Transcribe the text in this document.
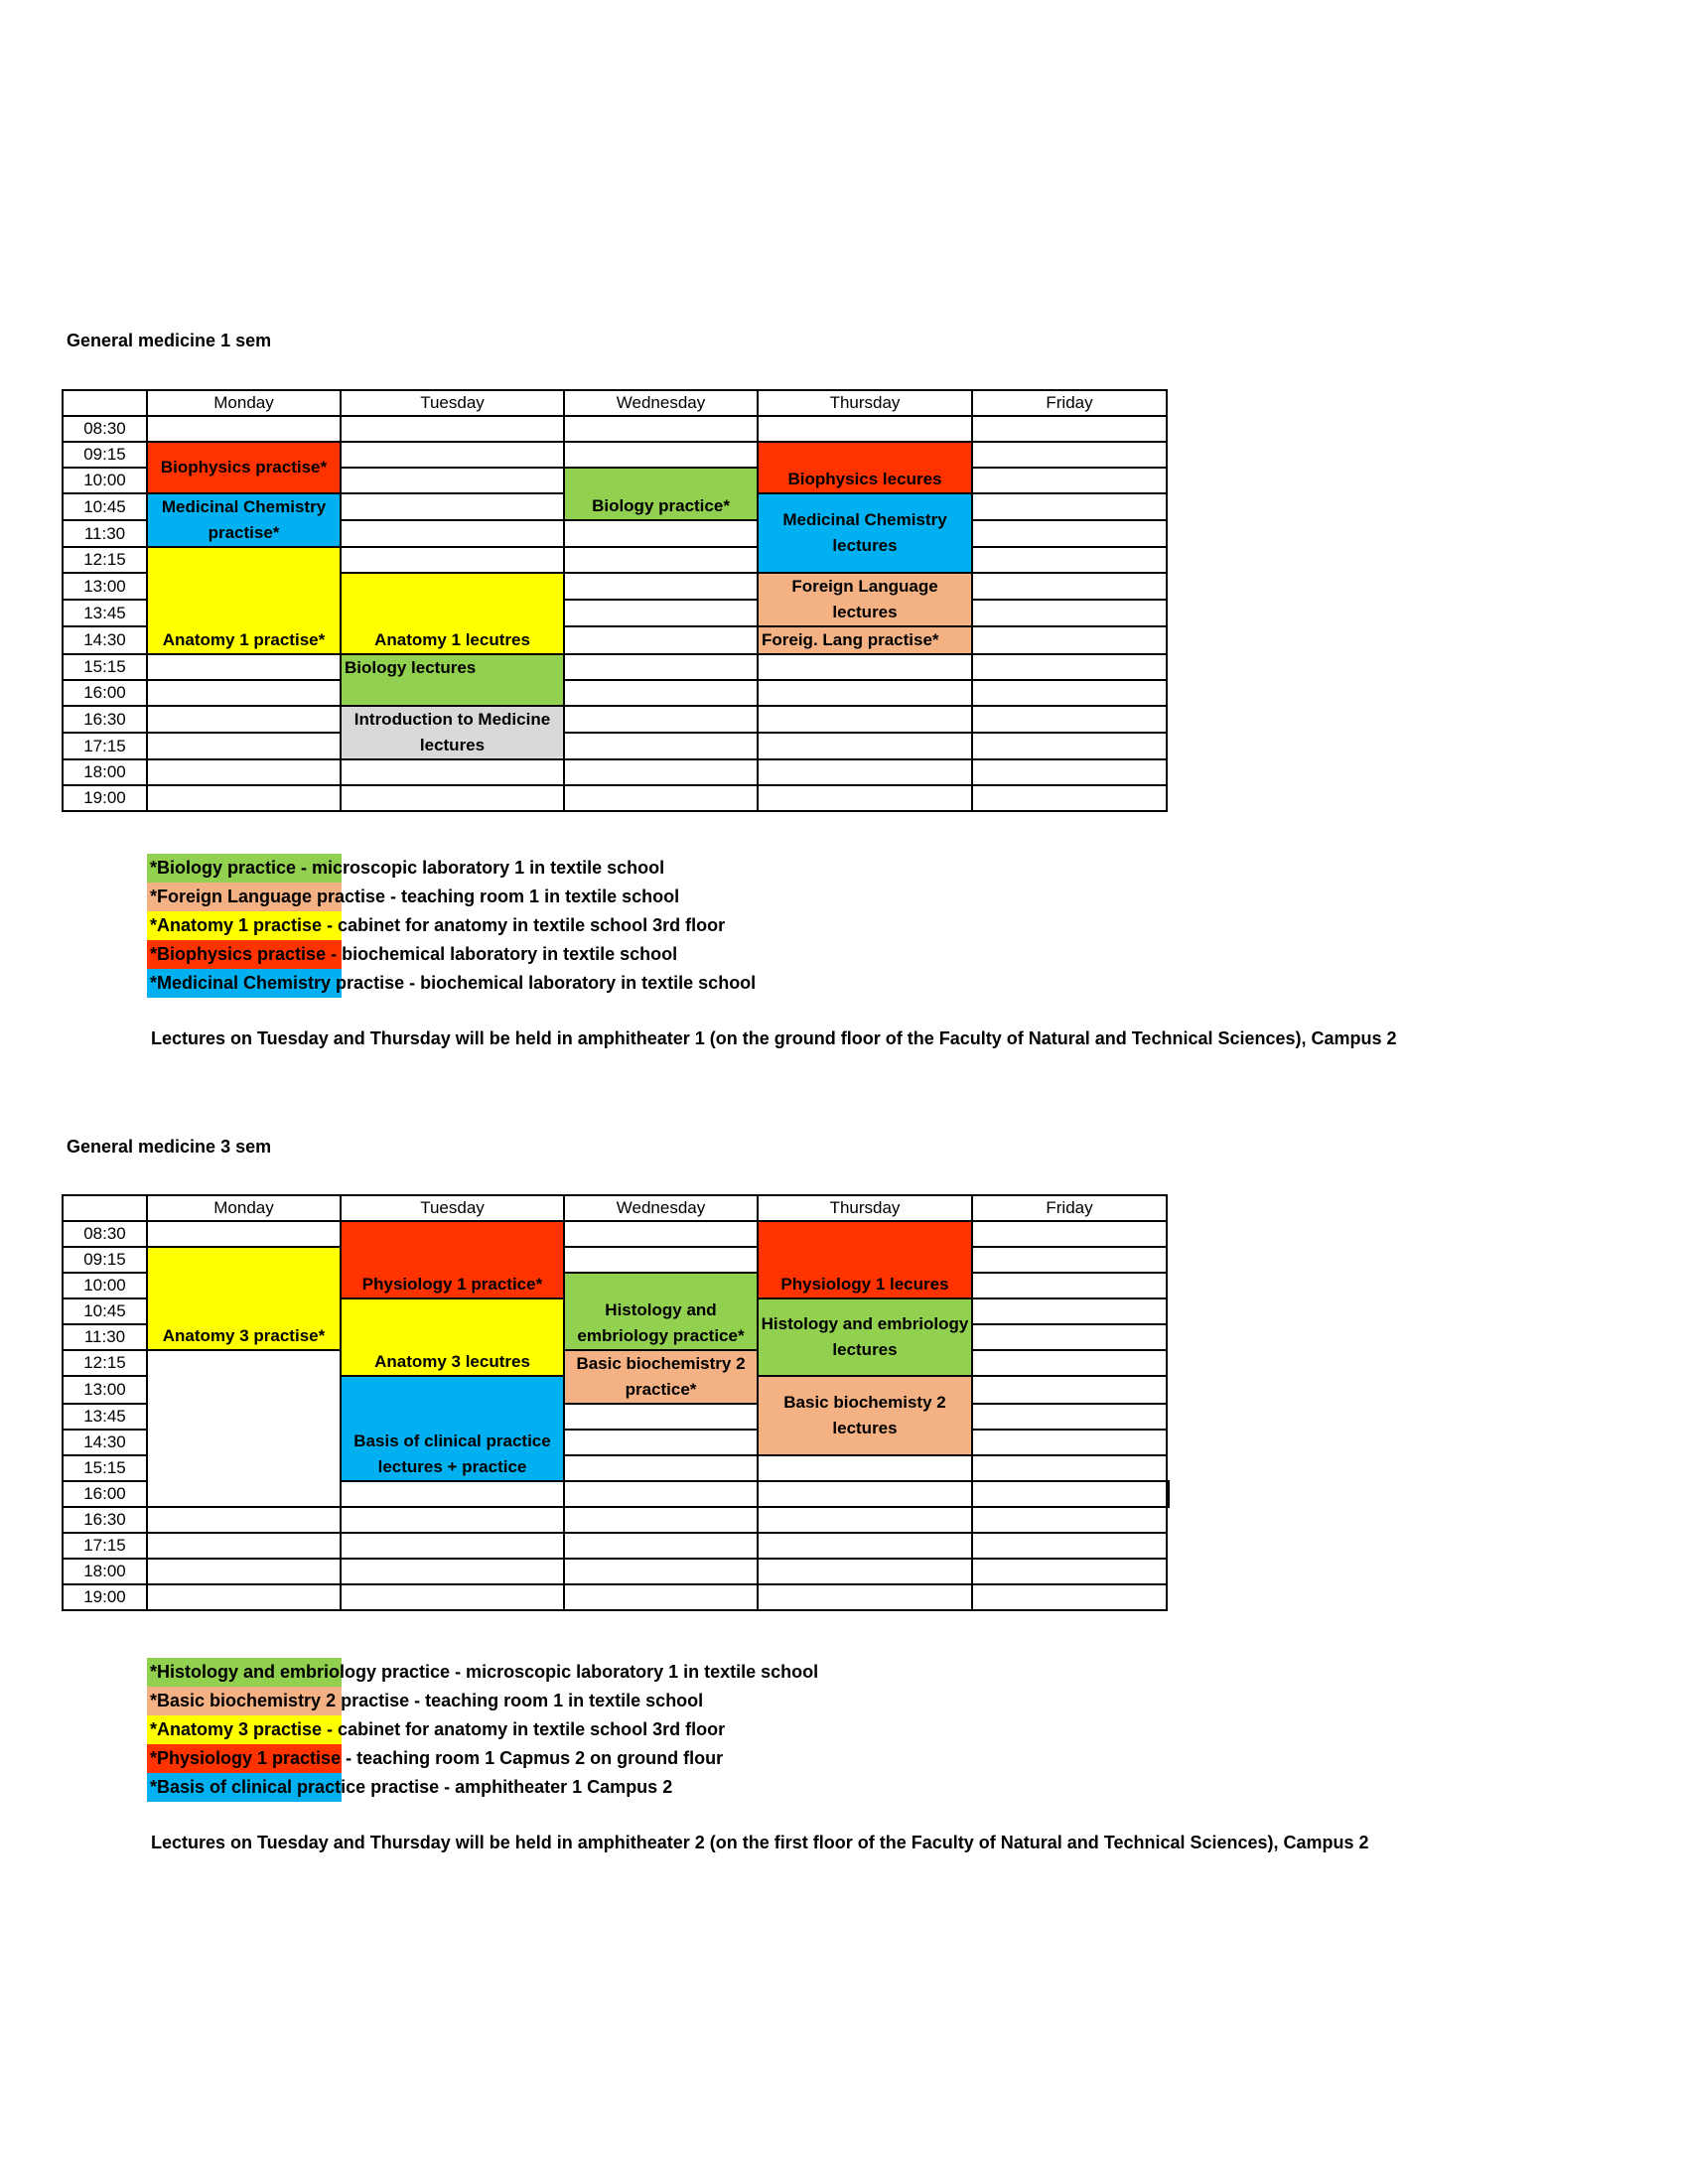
General medicine 1 sem
	Monday	Tuesday	Wednesday	Thursday	Friday
08:30					
09:15	Biophysics practise*			Biophysics lecures	
10:00			Biology practice*		
10:45	Medicinal Chemistry practise*			Medicinal Chemistry lectures	
11:30					
12:15	Anatomy 1 practise*				
13:00		Anatomy 1 lecutres		Foreign Language lectures	
13:45					
14:30				Foreig. Lang practise*	
15:15		Biology lectures			
16:00					
16:30		Introduction to Medicine lectures			
17:15					
18:00					
19:00					
*Biology practice - microscopic laboratory 1 in textile school
*Foreign Language practise - teaching room 1 in textile school
*Anatomy 1 practise - cabinet for anatomy in textile school 3rd floor
*Biophysics practise - biochemical laboratory in textile school
*Medicinal Chemistry practise - biochemical laboratory in textile school
Lectures on Tuesday and Thursday will be held in amphitheater 1 (on the ground floor of the Faculty of Natural and Technical Sciences), Campus 2
General medicine 3 sem
	Monday	Tuesday	Wednesday	Thursday	Friday	
08:30		Physiology 1 practice*		Physiology 1 lecures		
09:15	Anatomy 3 practise*					
10:00			Histology and embriology practice*			
10:45		Anatomy 3 lecutres		Histology and embriology lectures		
11:30						
12:15			Basic biochemistry 2 practice*			
13:00		Basis of clinical practice lectures + practice		Basic biochemisty 2 lectures		
13:45						
14:30						
15:15						
16:00						
16:30						
17:15						
18:00						
19:00						
*Histology and embriology practice - microscopic laboratory 1 in textile school
*Basic biochemistry 2 practise - teaching room 1 in textile school
*Anatomy 3 practise - cabinet for anatomy in textile school 3rd floor
*Physiology 1 practise - teaching room 1 Capmus 2 on ground flour
*Basis of clinical practice practise - amphitheater 1 Campus 2
Lectures on Tuesday and Thursday will be held in amphitheater 2 (on the first floor of the Faculty of Natural and Technical Sciences), Campus 2
